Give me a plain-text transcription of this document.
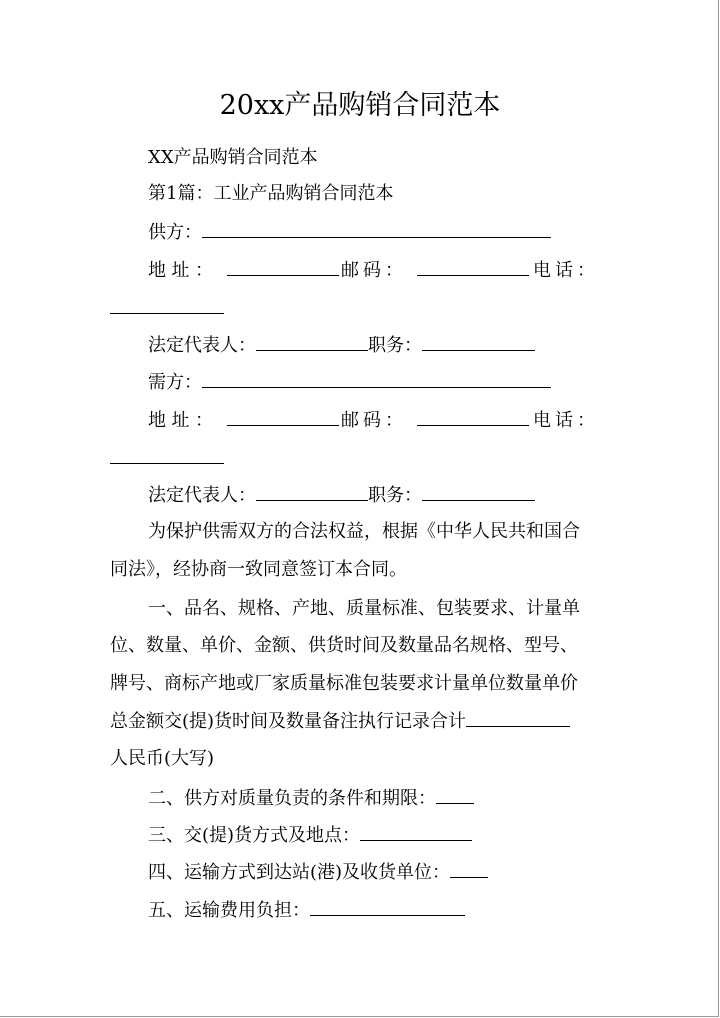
20xx产品购销合同范本
XX产品购销合同范本
第1篇：工业产品购销合同范本
供方：
地 址 ：	邮 码 ：	电 话 ：
法定代表人：	职务：
需方：
地 址 ：	邮 码 ：	电 话 ：
法定代表人：	职务：
为保护供需双方的合法权益，根据《中华人民共和国合
同法》，经协商一致同意签订本合同。
一、品名、规格、产地、质量标准、包装要求、计量单
位、数量、单价、金额、供货时间及数量品名规格、型号、
牌号、商标产地或厂家质量标准包装要求计量单位数量单价
总金额交(提)货时间及数量备注执行记录合计
人民币(大写)
二、供方对质量负责的条件和期限：
三、交(提)货方式及地点：
四、运输方式到达站(港)及收货单位：
五、运输费用负担：
